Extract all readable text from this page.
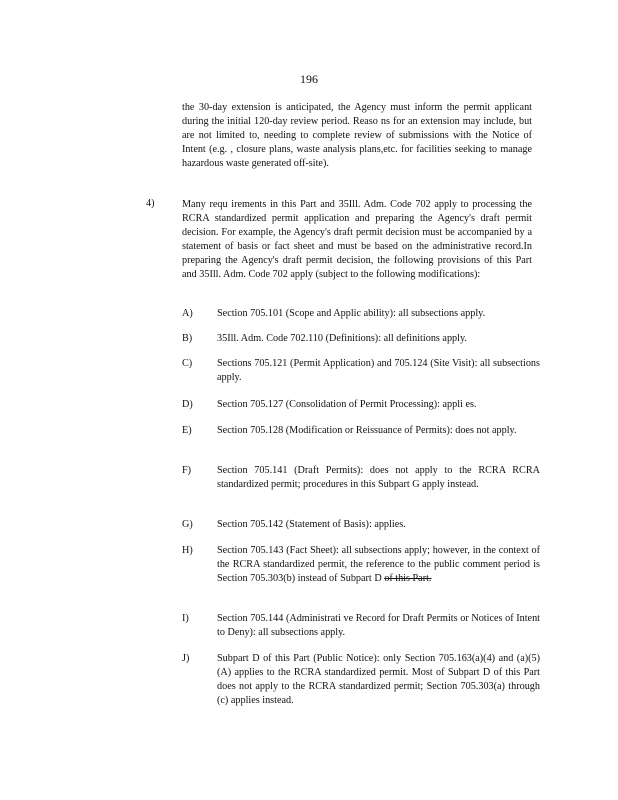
196
the 30-day extension is anticipated, the Agency must inform the permit applicant during the initial 120-day review period. Reaso ns for an extension may include, but are not limited to, needing to complete review of submissions with the Notice of Intent (e.g. , closure plans, waste analysis plans,etc. for facilities seeking to manage hazardous waste generated off-site).
4)	Many requ irements in this Part and 35Ill. Adm. Code 702 apply to processing the RCRA standardized permit application and preparing the Agency's draft permit decision. For example, the Agency's draft permit decision must be accompanied by a statement of basis or fact sheet and must be based on the administrative record.In preparing the Agency's draft permit decision, the following provisions of this Part and 35Ill. Adm. Code 702 apply (subject to the following modifications):
A) Section 705.101 (Scope and Applic ability): all subsections apply.
B) 35Ill. Adm. Code 702.110 (Definitions): all definitions apply.
C) Sections 705.121 (Permit Application) and 705.124 (Site Visit): all subsections apply.
D) Section 705.127 (Consolidation of Permit Processing): appli es.
E) Section 705.128 (Modification or Reissuance of Permits): does not apply.
F)	Section 705.141 (Draft Permits): does not apply to the RCRA RCRA standardized permit; procedures in this Subpart G apply instead.
G) Section 705.142 (Statement of Basis): applies.
H) Section 705.143 (Fact Sheet): all subsections apply; however, in the context of the RCRA standardized permit, the reference to the public comment period is Section 705.303(b) instead of Subpart D of this Part.
I)	Section 705.144 (Administrati ve Record for Draft Permits or Notices of Intent to Deny): all subsections apply.
J)	Subpart D of this Part (Public Notice): only Section 705.163(a)(4) and (a)(5)(A) applies to the RCRA standardized permit. Most of Subpart D of this Part does not apply to the RCRA standardized permit; Section 705.303(a) through (c) applies instead.
